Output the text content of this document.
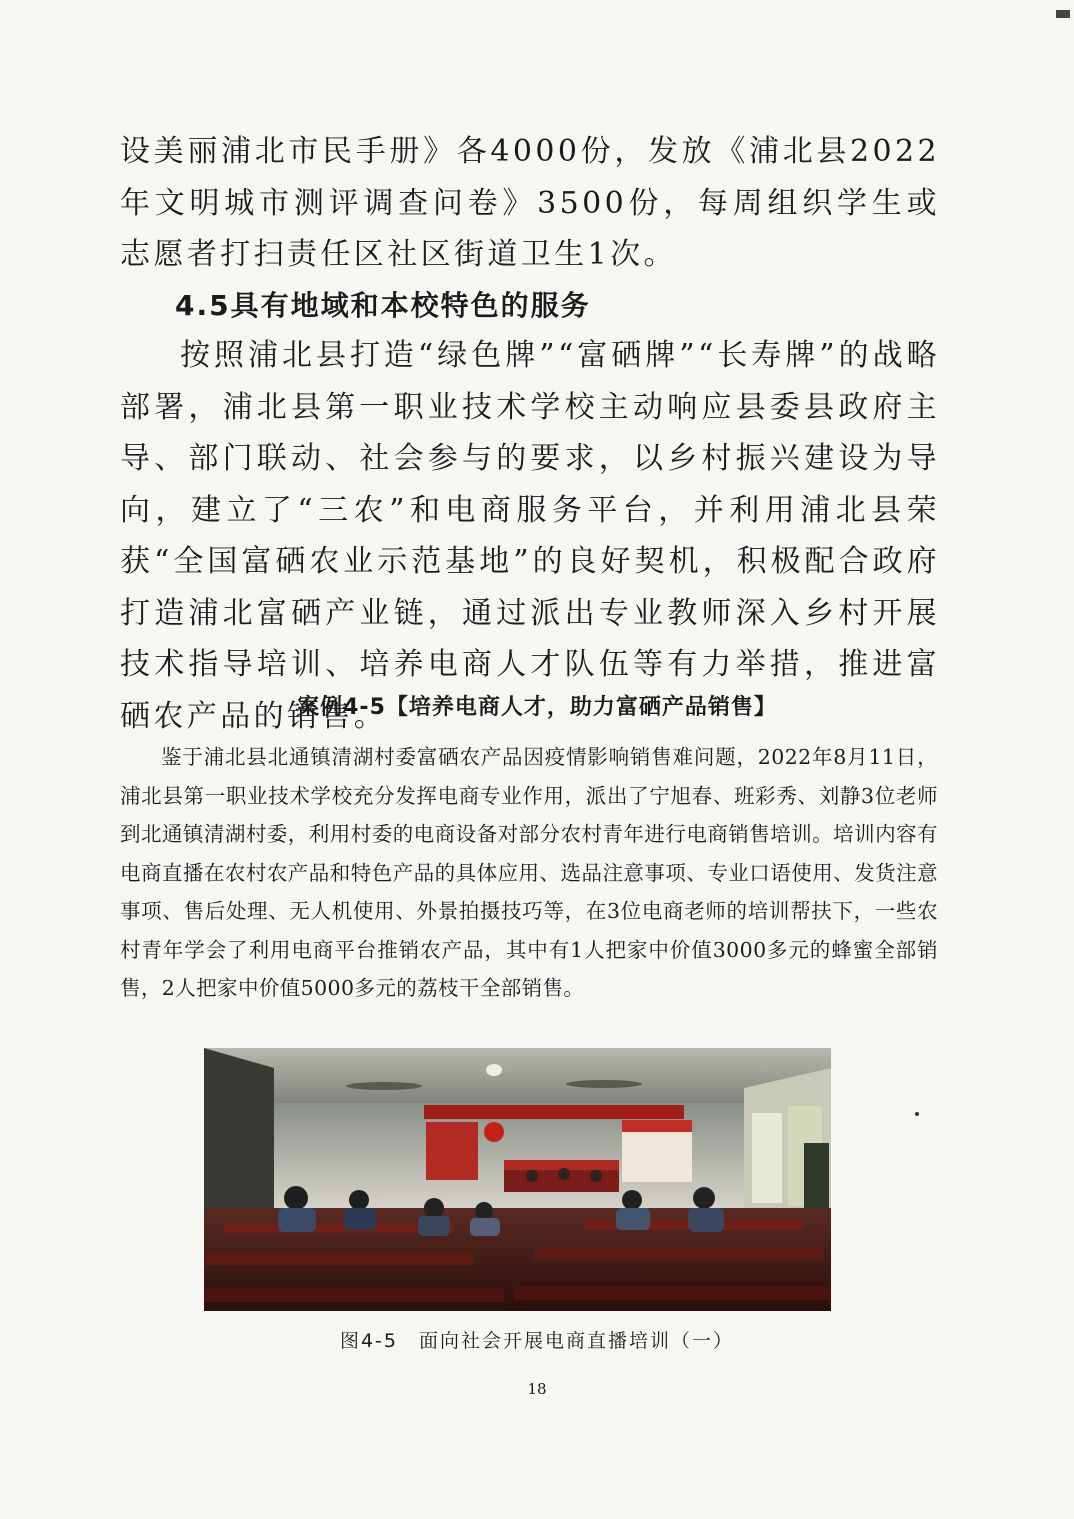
设美丽浦北市民手册》各4000份，发放《浦北县2022年文明城市测评调查问卷》3500份，每周组织学生或志愿者打扫责任区社区街道卫生1次。

4.5具有地域和本校特色的服务

按照浦北县打造“绿色牌”“富硒牌”“长寿牌”的战略部署，浦北县第一职业技术学校主动响应县委县政府主导、部门联动、社会参与的要求，以乡村振兴建设为导向，建立了“三农”和电商服务平台，并利用浦北县荣获“全国富硒农业示范基地”的良好契机，积极配合政府打造浦北富硒产业链，通过派出专业教师深入乡村开展技术指导培训、培养电商人才队伍等有力举措，推进富硒农产品的销售。

案例4-5【培养电商人才，助力富硒产品销售】

鉴于浦北县北通镇清湖村委富硒农产品因疫情影响销售难问题，2022年8月11日，浦北县第一职业技术学校充分发挥电商专业作用，派出了宁旭春、班彩秀、刘静3位老师到北通镇清湖村委，利用村委的电商设备对部分农村青年进行电商销售培训。培训内容有电商直播在农村农产品和特色产品的具体应用、选品注意事项、专业口语使用、发货注意事项、售后处理、无人机使用、外景拍摄技巧等，在3位电商老师的培训帮扶下，一些农村青年学会了利用电商平台推销农产品，其中有1人把家中价值3000多元的蜂蜜全部销售，2人把家中价值5000多元的荔枝干全部销售。

图4-5　面向社会开展电商直播培训（一）

18
